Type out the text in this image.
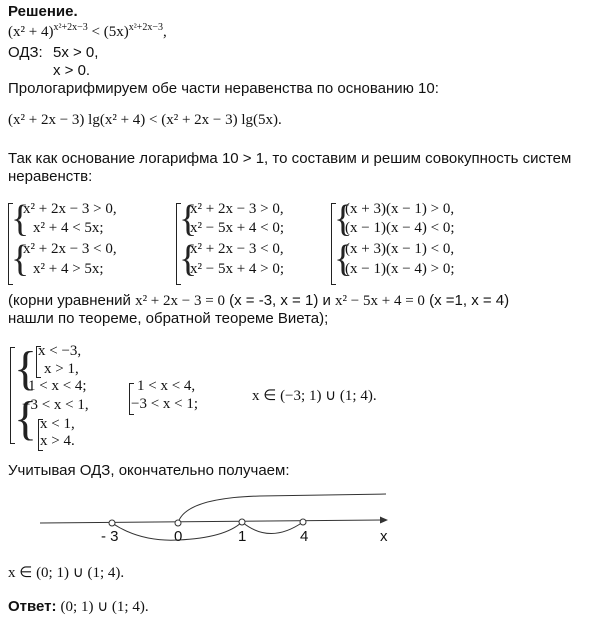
Решение.
$(x^2 + 4)^{x^2+2x-3} < (5x)^{x^2+2x-3}$,
ОДЗ: 5x > 0,
x > 0.
Прологарифмируем обе части неравенства по основанию 10:
(x² + 2x − 3) lg(x² + 4) < (x² + 2x − 3) lg(5x).
Так как основание логарифма 10 > 1, то составим и решим совокупность систем
неравенств:
{
{
x² + 2x − 3 > 0,
x² + 4 < 5x;
x² + 2x − 3 < 0,
x² + 4 > 5x;
{
{
x² + 2x − 3 > 0,
x² − 5x + 4 < 0;
x² + 2x − 3 < 0,
x² − 5x + 4 > 0;
{
{
(x + 3)(x − 1) > 0,
(x − 1)(x − 4) < 0;
(x + 3)(x − 1) < 0,
(x − 1)(x − 4) > 0;
(корни уравнений x² + 2x − 3 = 0 (x = -3, x = 1) и x² − 5x + 4 = 0 (x =1, x = 4)
нашли по теореме, обратной теореме Виета);
{
{
x < −3,
x > 1,
1 < x < 4;
−3 < x < 1,
x < 1,
x > 4.
1 < x < 4,
−3 < x < 1;	x ∈ (−3; 1) ∪ (1; 4).
Учитывая ОДЗ, окончательно получаем:
- 3	0	1	4	x
x ∈ (0; 1) ∪ (1; 4).
Ответ: (0; 1) ∪ (1; 4).
